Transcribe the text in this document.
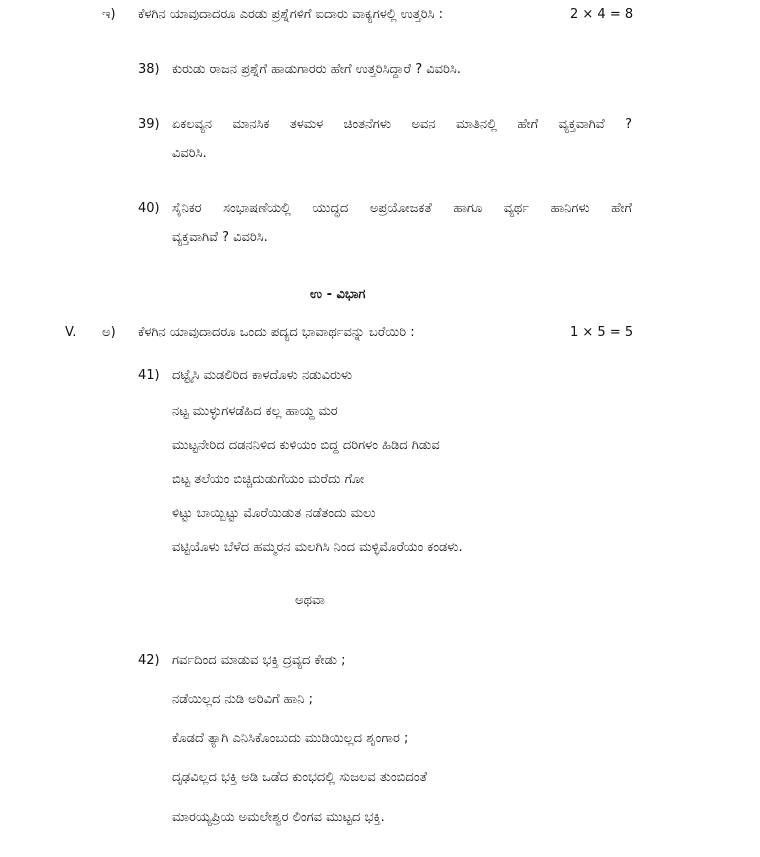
ಇ) ಕೆಳಗಿನ ಯಾವುದಾದರೂ ಎರಡು ಪ್ರಶ್ನೆಗಳಿಗೆ ಐದಾರು ವಾಕ್ಯಗಳಲ್ಲಿ ಉತ್ತರಿಸಿ :	2 × 4 = 8
38) ಕುರುಡು ರಾಜನ ಪ್ರಶ್ನೆಗೆ ಹಾಡುಗಾರರು ಹೇಗೆ ಉತ್ತರಿಸಿದ್ದಾರೆ ? ವಿವರಿಸಿ.
39) ಏಕಲವ್ಯನ ಮಾನಸಿಕ ತಳಮಳ ಚಿಂತನೆಗಳು ಅವನ ಮಾತಿನಲ್ಲಿ ಹೇಗೆ ವ್ಯಕ್ತವಾಗಿವೆ ?
ವಿವರಿಸಿ.
40) ಸೈನಿಕರ ಸಂಭಾಷಣೆಯಲ್ಲಿ ಯುದ್ಧದ ಅಪ್ರಯೋಜಕತೆ ಹಾಗೂ ವ್ಯರ್ಥ ಹಾನಿಗಳು ಹೇಗೆ
ವ್ಯಕ್ತವಾಗಿವೆ ? ವಿವರಿಸಿ.
ಉ - ವಿಭಾಗ
V. ಅ) ಕೆಳಗಿನ ಯಾವುದಾದರೂ ಒಂದು ಪದ್ಯದ ಭಾವಾರ್ಥವನ್ನು ಬರೆಯಿರಿ :	1 × 5 = 5
41) ದಟ್ಟೈಸಿ ಮಡಲಿರಿದ ಕಾಳದೊಳು ನಡುವಿರುಳು
ನಟ್ಟ ಮುಳ್ಳುಗಳಡೆಹಿದ ಕಲ್ಲ ಹಾಯ್ದ ಮರ
ಮುಟ್ಟನೇರಿದ ದಡನನಿಳಿದ ಕುಳಿಯಂ ಬಿದ್ದ ದರಿಗಳಂ ಹಿಡಿದ ಗಿಡುವ
ಬಿಟ್ಟ ತಲೆಯಂ ಬಿಚ್ಚಿದುಡುಗೆಯಂ ಮರೆದು ಗೋ
ಳಿಟ್ಟು ಬಾಯ್ಬಿಟ್ಟು ಮೊರೆಯಿಡುತ ನಡೆತಂದು ಮಲು
ವಟ್ಟಿಯೊಳು ಬೆಳೆದ ಹಮ್ಮರನ ಮಲಗಿಸಿ ನಿಂದ ಮಳ್ಳಿಮೊರೆಯಂ ಕಂಡಳು.
ಅಥವಾ
42) ಗರ್ವದಿಂದ ಮಾಡುವ ಭಕ್ತಿ ದ್ರವ್ಯದ ಕೇಡು ;
ನಡೆಯಿಲ್ಲದ ನುಡಿ ಅರಿವಿಗೆ ಹಾನಿ ;
ಕೊಡದೆ ತ್ಯಾಗಿ ಎನಿಸಿಕೊಂಬುದು ಮುಡಿಯಿಲ್ಲದ ಶೃಂಗಾರ ;
ದೃಢವಿಲ್ಲದ ಭಕ್ತಿ ಅಡಿ ಒಡೆದ ಕುಂಭದಲ್ಲಿ ಸುಜಲವ ತುಂಬಿದಂತೆ
ಮಾರಯ್ಯಪ್ರಿಯ ಅಮಲೇಶ್ವರ ಲಿಂಗವ ಮುಟ್ಟದ ಭಕ್ತಿ.
